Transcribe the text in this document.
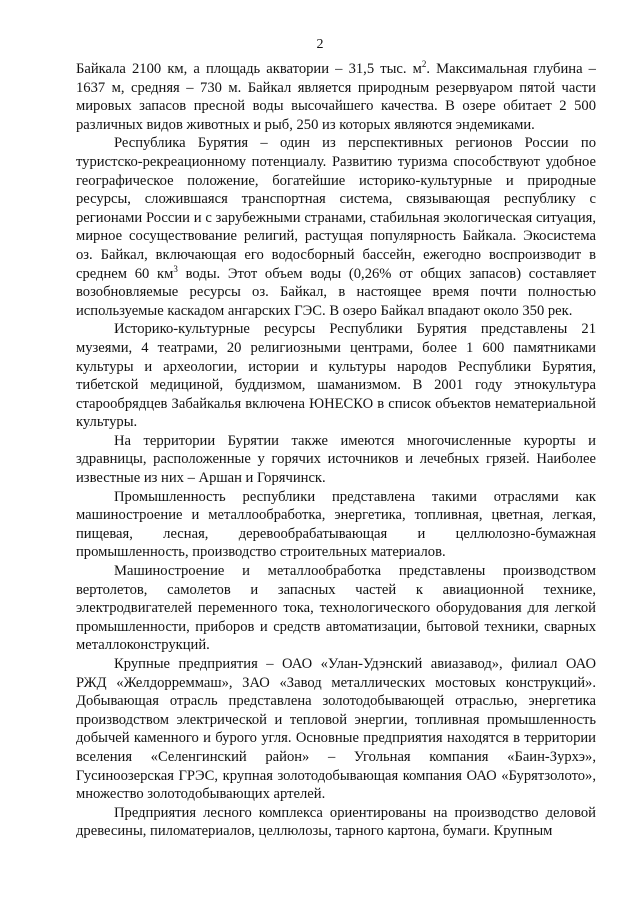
2

Байкала 2100 км, а площадь акватории – 31,5 тыс. $м^2$. Максимальная глубина – 1637 м, средняя – 730 м. Байкал является природным резервуаром пятой части мировых запасов пресной воды высочайшего качества. В озере обитает 2 500 различных видов животных и рыб, 250 из которых являются эндемиками.

Республика Бурятия – один из перспективных регионов России по туристско-рекреационному потенциалу. Развитию туризма способствуют удобное географическое положение, богатейшие историко-культурные и природные ресурсы, сложившаяся транспортная система, связывающая республику с регионами России и с зарубежными странами, стабильная экологическая ситуация, мирное сосуществование религий, растущая популярность Байкала. Экосистема оз. Байкал, включающая его водосборный бассейн, ежегодно воспроизводит в среднем 60 $км^3$ воды. Этот объем воды (0,26% от общих запасов) составляет возобновляемые ресурсы оз. Байкал, в настоящее время почти полностью используемые каскадом ангарских ГЭС. В озеро Байкал впадают около 350 рек.

Историко-культурные ресурсы Республики Бурятия представлены 21 музеями, 4 театрами, 20 религиозными центрами, более 1 600 памятниками культуры и археологии, истории и культуры народов Республики Бурятия, тибетской медициной, буддизмом, шаманизмом. В 2001 году этнокультура старообрядцев Забайкалья включена ЮНЕСКО в список объектов нематериальной культуры.

На территории Бурятии также имеются многочисленные курорты и здравницы, расположенные у горячих источников и лечебных грязей. Наиболее известные из них – Аршан и Горячинск.

Промышленность республики представлена такими отраслями как машиностроение и металлообработка, энергетика, топливная, цветная, легкая, пищевая, лесная, деревообрабатывающая и целлюлозно-бумажная промышленность, производство строительных материалов.

Машиностроение и металлообработка представлены производством вертолетов, самолетов и запасных частей к авиационной технике, электродвигателей переменного тока, технологического оборудования для легкой промышленности, приборов и средств автоматизации, бытовой техники, сварных металлоконструкций.

Крупные предприятия – ОАО «Улан-Удэнский авиазавод», филиал ОАО РЖД «Желдорреммаш», ЗАО «Завод металлических мостовых конструкций». Добывающая отрасль представлена золотодобывающей отраслью, энергетика производством электрической и тепловой энергии, топливная промышленность добычей каменного и бурого угля. Основные предприятия находятся в территории вселения «Селенгинский район» – Угольная компания «Баин-Зурхэ», Гусиноозерская ГРЭС, крупная золотодобывающая компания ОАО «Бурятзолото», множество золотодобывающих артелей.

Предприятия лесного комплекса ориентированы на производство деловой древесины, пиломатериалов, целлюлозы, тарного картона, бумаги. Крупным
